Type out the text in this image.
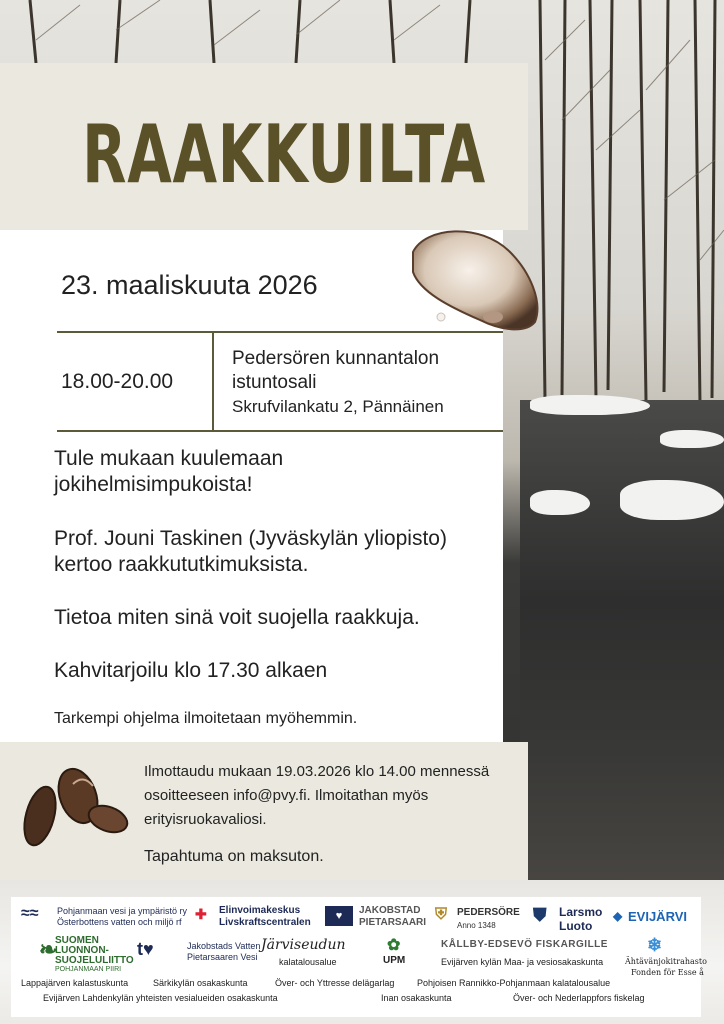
RAAKKUILTA
23. maaliskuuta 2026
18.00-20.00
Pedersören kunnantalon istuntosali
Skrufvilankatu 2, Pännäinen
Tule mukaan kuulemaan jokihelmisimpukoista!
Prof. Jouni Taskinen (Jyväskylän yliopisto) kertoo raakkututkimuksista.
Tietoa miten sinä voit suojella raakkuja.
Kahvitarjoilu klo 17.30 alkaen
Tarkempi ohjelma ilmoitetaan myöhemmin.
Ilmottaudu mukaan 19.03.2026 klo 14.00 mennessä osoitteeseen info@pvy.fi. Ilmoitathan myös erityisruokavaliosi.
Tapahtuma on maksuton.
≈≈ Pohjanmaan vesi ja ympäristö ry
Österbottens vatten och miljö rf ✚ Elinvoimakeskus
Livskraftscentralen
♥	JAKOBSTAD
PIETARSAARI ⛨ PEDERSÖRE
Anno 1348
⛊ Larsmo
Luoto
◆ EVIJÄRVI
❧
SUOMEN
LUONNON-
SUOJELULIITTO
POHJANMAAN PIIRI
t♥	Jakobstads Vatten
Pietarsaaren Vesi
Järviseudun
kalatalousalue
✿
UPM
KÅLLBY-EDSEVÖ FISKARGILLE
Evijärven kylän Maa- ja vesiosakaskunta
❄
Ähtävänjokitrahasto
Fonden för Esse å
Lappajärven kalastuskunta	Särkikylän osakaskunta	Över- och Yttresse delägarlag	Pohjoisen Rannikko-Pohjanmaan kalatalousalue
Evijärven Lahdenkylän yhteisten vesialueiden osakaskunta	Inan osakaskunta	Över- och Nederlappfors fiskelag
